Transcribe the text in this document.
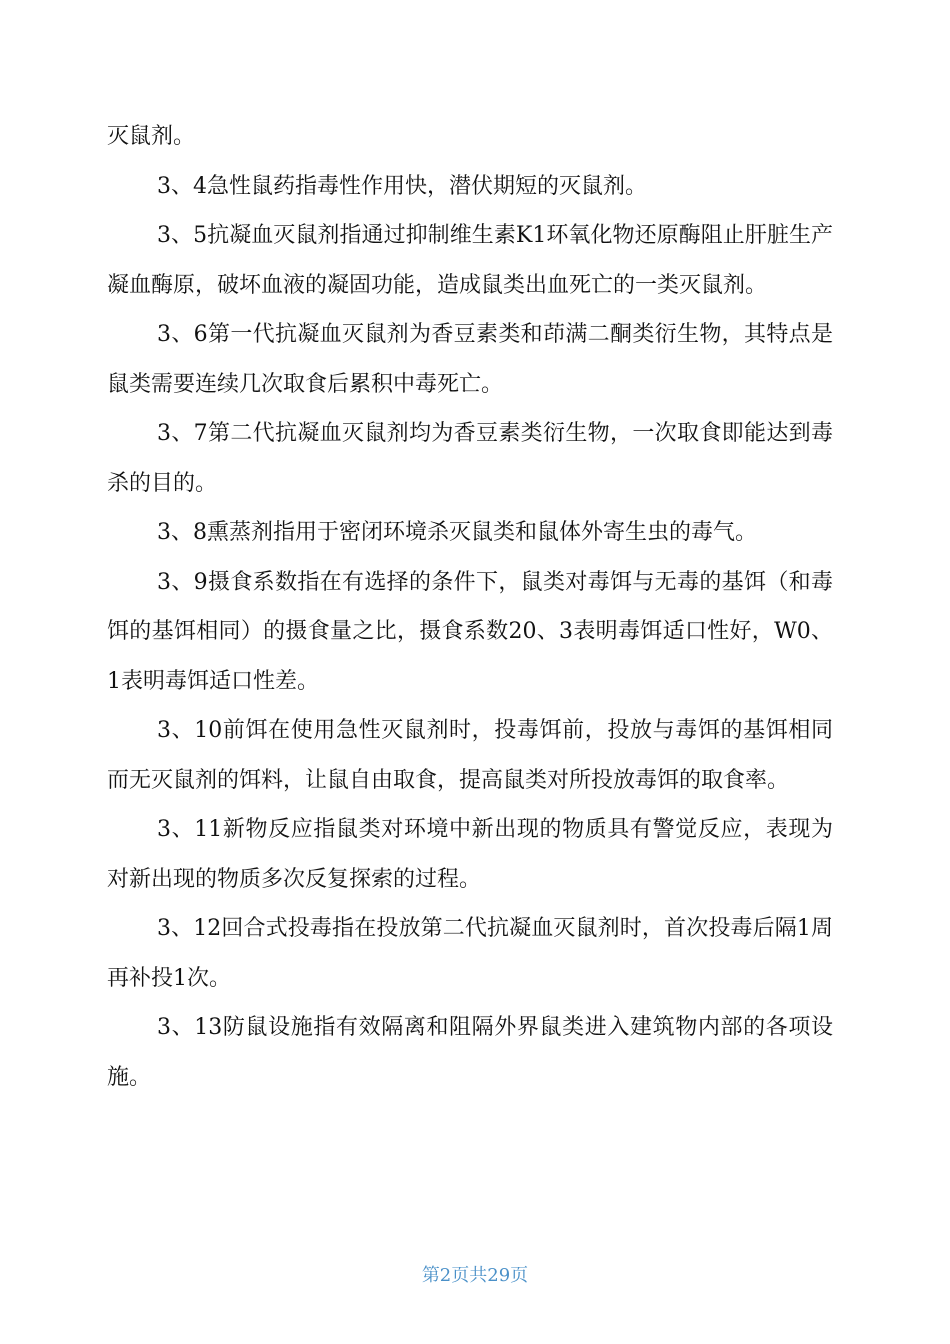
灭鼠剂。

3、4急性鼠药指毒性作用快，潜伏期短的灭鼠剂。

3、5抗凝血灭鼠剂指通过抑制维生素K1环氧化物还原酶阻止肝脏生产凝血酶原，破坏血液的凝固功能，造成鼠类出血死亡的一类灭鼠剂。

3、6第一代抗凝血灭鼠剂为香豆素类和茚满二酮类衍生物，其特点是鼠类需要连续几次取食后累积中毒死亡。

3、7第二代抗凝血灭鼠剂均为香豆素类衍生物，一次取食即能达到毒杀的目的。

3、8熏蒸剂指用于密闭环境杀灭鼠类和鼠体外寄生虫的毒气。

3、9摄食系数指在有选择的条件下，鼠类对毒饵与无毒的基饵（和毒饵的基饵相同）的摄食量之比，摄食系数20、3表明毒饵适口性好，W0、1表明毒饵适口性差。

3、10前饵在使用急性灭鼠剂时，投毒饵前，投放与毒饵的基饵相同而无灭鼠剂的饵料，让鼠自由取食，提高鼠类对所投放毒饵的取食率。

3、11新物反应指鼠类对环境中新出现的物质具有警觉反应，表现为对新出现的物质多次反复探索的过程。

3、12回合式投毒指在投放第二代抗凝血灭鼠剂时，首次投毒后隔1周再补投1次。

3、13防鼠设施指有效隔离和阻隔外界鼠类进入建筑物内部的各项设施。

第2页共29页
